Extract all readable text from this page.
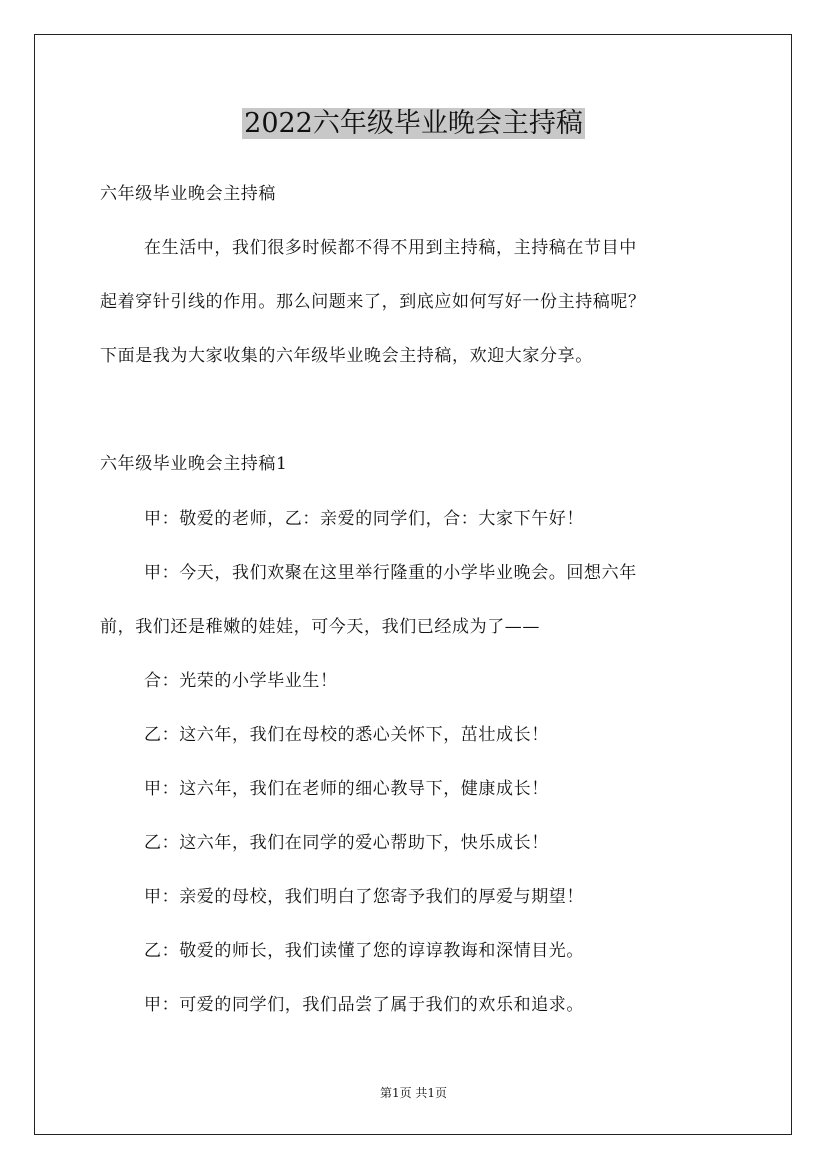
2022六年级毕业晚会主持稿

六年级毕业晚会主持稿

在生活中，我们很多时候都不得不用到主持稿，主持稿在节目中

起着穿针引线的作用。那么问题来了，到底应如何写好一份主持稿呢？

下面是我为大家收集的六年级毕业晚会主持稿，欢迎大家分享。

六年级毕业晚会主持稿1

甲：敬爱的老师，乙：亲爱的同学们，合：大家下午好！

甲：今天，我们欢聚在这里举行隆重的小学毕业晚会。回想六年

前，我们还是稚嫩的娃娃，可今天，我们已经成为了——

合：光荣的小学毕业生！

乙：这六年，我们在母校的悉心关怀下，茁壮成长！

甲：这六年，我们在老师的细心教导下，健康成长！

乙：这六年，我们在同学的爱心帮助下，快乐成长！

甲：亲爱的母校，我们明白了您寄予我们的厚爱与期望！

乙：敬爱的师长，我们读懂了您的谆谆教诲和深情目光。

甲：可爱的同学们，我们品尝了属于我们的欢乐和追求。

第1页 共1页
